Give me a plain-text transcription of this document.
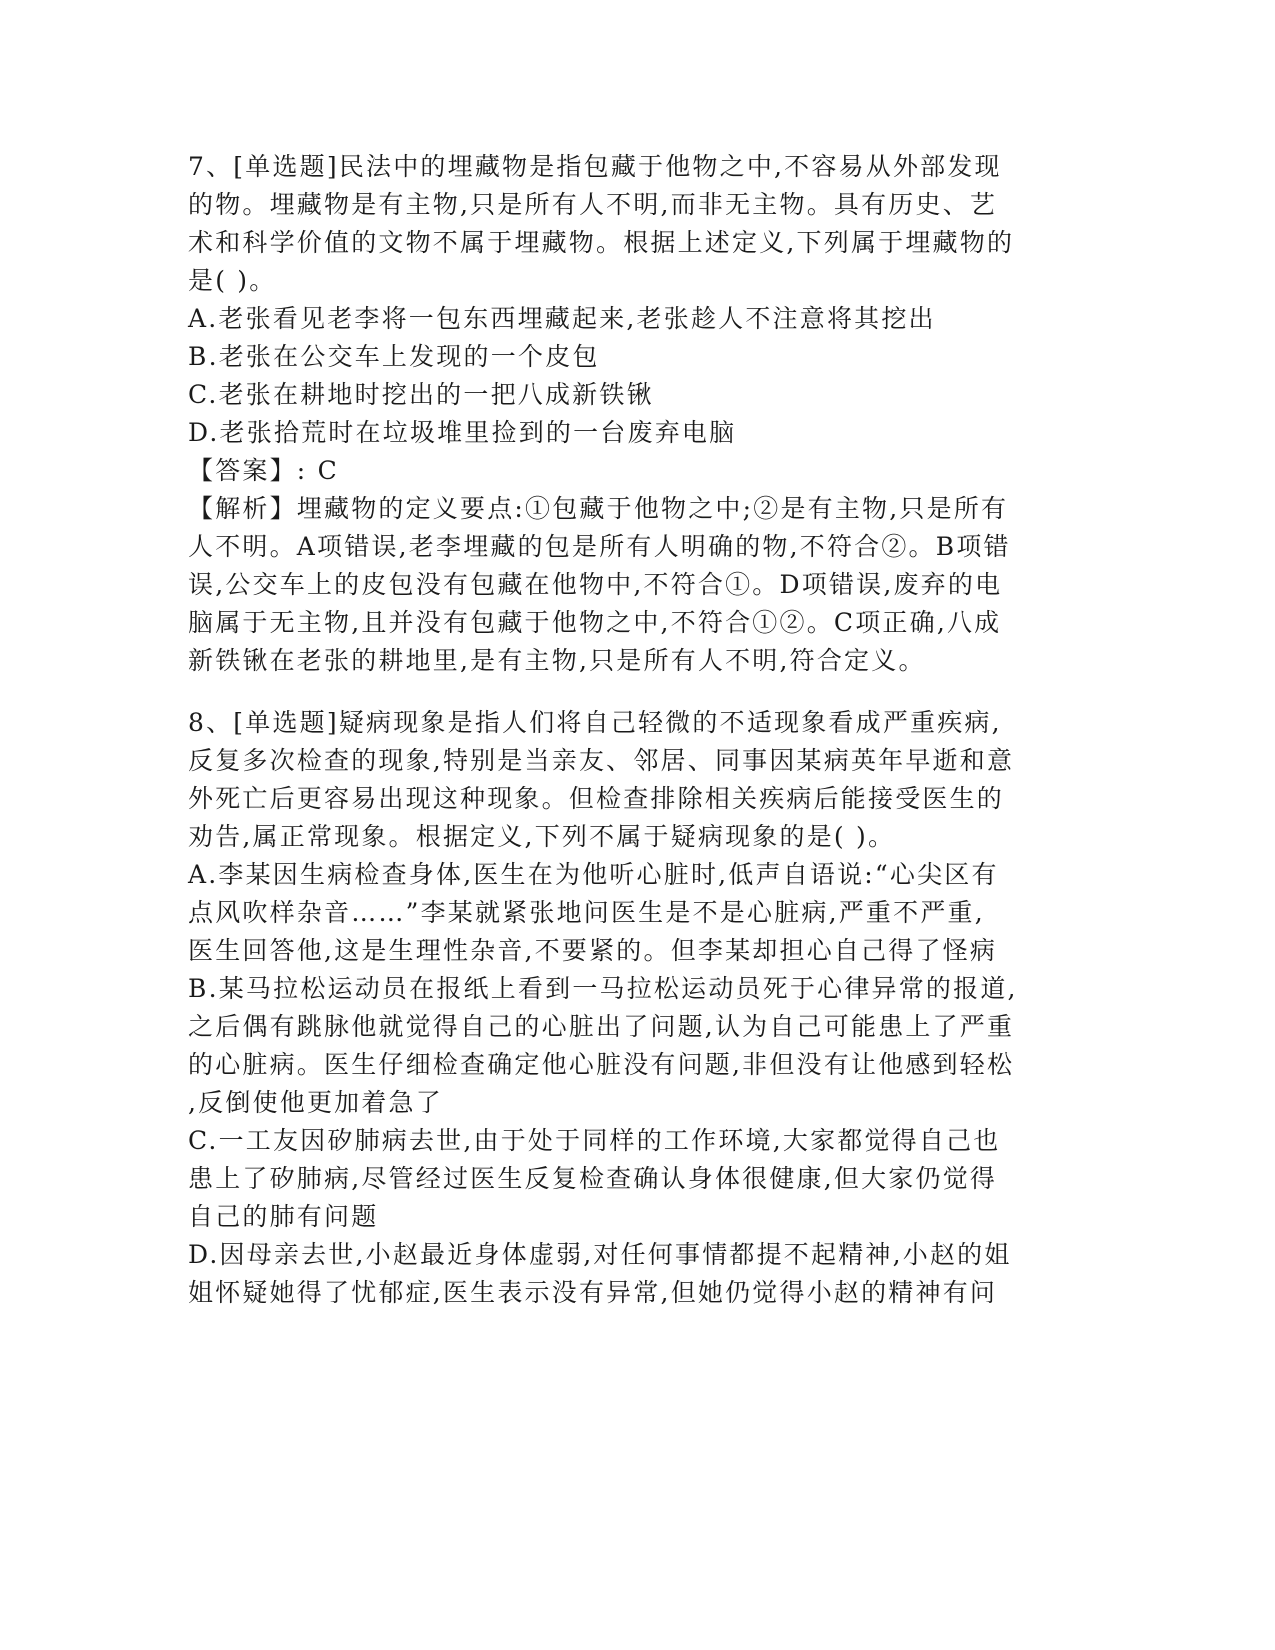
7、[单选题]民法中的埋藏物是指包藏于他物之中,不容易从外部发现
的物。埋藏物是有主物,只是所有人不明,而非无主物。具有历史、艺
术和科学价值的文物不属于埋藏物。根据上述定义,下列属于埋藏物的
是( )。
A.老张看见老李将一包东西埋藏起来,老张趁人不注意将其挖出
B.老张在公交车上发现的一个皮包
C.老张在耕地时挖出的一把八成新铁锹
D.老张拾荒时在垃圾堆里捡到的一台废弃电脑
【答案】: C
【解析】埋藏物的定义要点:①包藏于他物之中;②是有主物,只是所有
人不明。A项错误,老李埋藏的包是所有人明确的物,不符合②。B项错
误,公交车上的皮包没有包藏在他物中,不符合①。D项错误,废弃的电
脑属于无主物,且并没有包藏于他物之中,不符合①②。C项正确,八成
新铁锹在老张的耕地里,是有主物,只是所有人不明,符合定义。
8、[单选题]疑病现象是指人们将自己轻微的不适现象看成严重疾病,
反复多次检查的现象,特别是当亲友、邻居、同事因某病英年早逝和意
外死亡后更容易出现这种现象。但检查排除相关疾病后能接受医生的
劝告,属正常现象。根据定义,下列不属于疑病现象的是( )。
A.李某因生病检查身体,医生在为他听心脏时,低声自语说:“心尖区有
点风吹样杂音……”李某就紧张地问医生是不是心脏病,严重不严重,
医生回答他,这是生理性杂音,不要紧的。但李某却担心自己得了怪病
B.某马拉松运动员在报纸上看到一马拉松运动员死于心律异常的报道,
之后偶有跳脉他就觉得自己的心脏出了问题,认为自己可能患上了严重
的心脏病。医生仔细检查确定他心脏没有问题,非但没有让他感到轻松
,反倒使他更加着急了
C.一工友因矽肺病去世,由于处于同样的工作环境,大家都觉得自己也
患上了矽肺病,尽管经过医生反复检查确认身体很健康,但大家仍觉得
自己的肺有问题
D.因母亲去世,小赵最近身体虚弱,对任何事情都提不起精神,小赵的姐
姐怀疑她得了忧郁症,医生表示没有异常,但她仍觉得小赵的精神有问
